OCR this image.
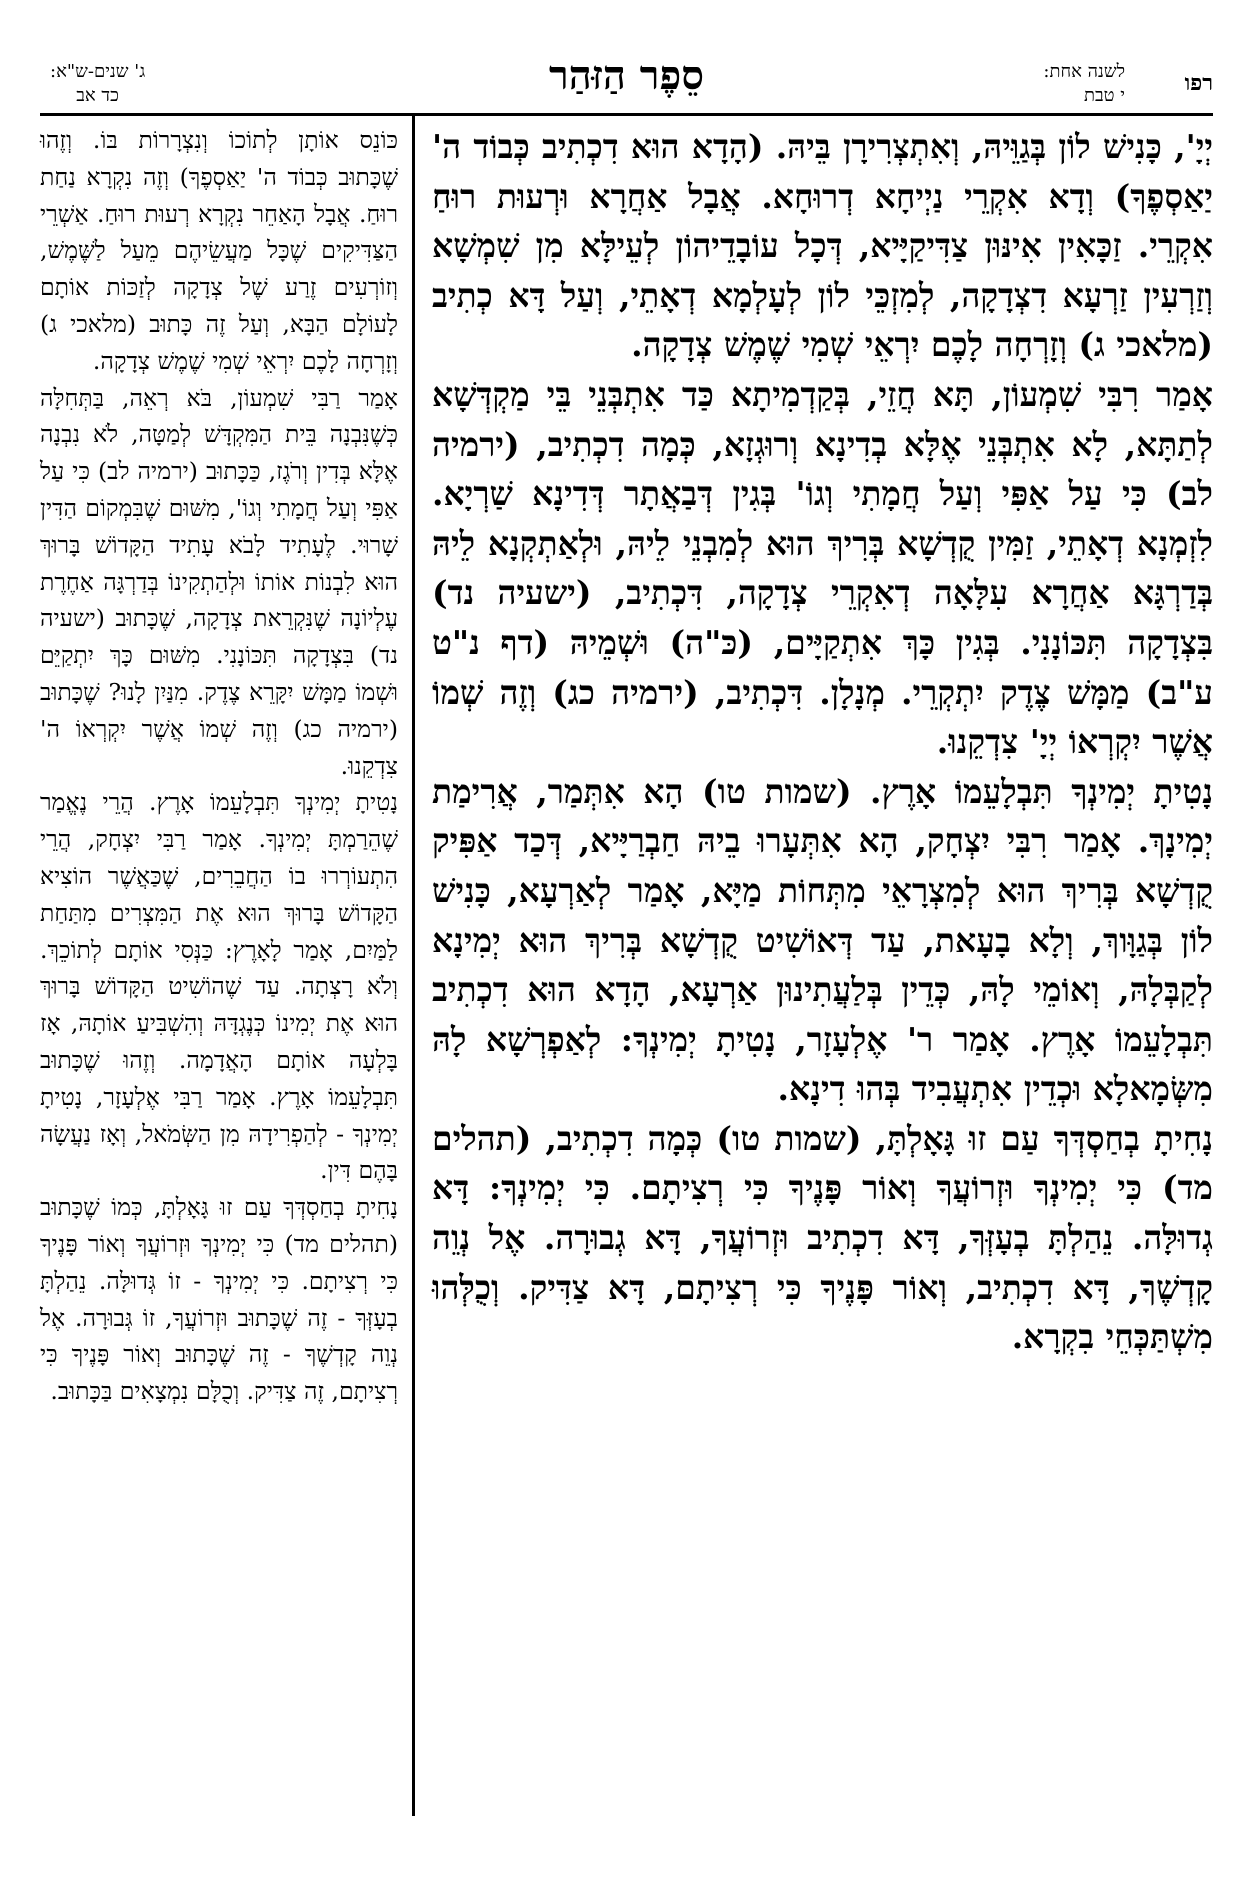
רפו
לשנה אחת:
י טבת
סֵפֶר הַזּהַר
ג' שנים-ש"א:
כד אב

יְיָ', כָּנִישׁ לוֹן בְּגַוֵּיהּ, וְאִתְצְרִירָן בֵּיהּ. (הָדָא הוּא דִכְתִיב כְּבוֹד ה' יַאַסְפֶךָ) וְדָא אִקְרֵי נַיְיחָא דְרוּחָא. אֲבָל אַחֲרָא וּרְעוּת רוּחַ אִקְרֵי. זַכָּאִין אִינּוּן צַדִּיקַיָּיא, דְּכָל עוֹבָדֵיהוֹן לְעֵילָּא מִן שִׁמְשָׁא וְזַרְעִין זַרְעָא דִצְדָקָה, לְמִזְכֵּי לוֹן לְעָלְמָא דְאָתֵי, וְעַל דָּא כְתִיב (מלאכי ג) וְזָרְחָה לָכֶם יִרְאֵי שְׁמִי שֶׁמֶשׁ צְדָקָה.

אָמַר רִבִּי שִׁמְעוֹן, תָּא חֲזֵי, בְּקַדְמִיתָא כַּד אִתְבְּנֵי בֵּי מַקְדְּשָׁא לְתַתָּא, לָא אִתְבְּנֵי אֶלָּא בְדִינָא וְרוּגְזָא, כְּמָה דִכְתִיב, (ירמיה לב) כִּי עַל אַפִּי וְעַל חֲמָתִי וְגוֹ' בְּגִין דְּבַאֲתָר דְּדִינָא שַׁרְיָא. לִזְמְנָא דְאָתֵי, זַמִּין קֻדְשָׁא בְּרִיךְ הוּא לְמִבְנֵי לֵיהּ, וּלְאַתְקְנָא לֵיהּ בְּדַרְגָּא אַחֲרָא עִלָּאָה דְאִקְרֵי צְדָקָה, דִּכְתִיב, (ישעיה נד) בִּצְדָקָה תִּכּוֹנָנִי. בְּגִין כָּךְ אִתְקַיָּים, (כּ"ה) וּשְׁמֵיהּ (דף נ"ט ע"ב) מַמָּשׁ צֶדֶק יִתְקְרֵי. מְנָלָן. דִּכְתִיב, (ירמיה כג) וְזֶה שְׁמוֹ אֲשֶׁר יִקְרְאוֹ יְיָ' צִדְקֵנוּ.

נָטִיתָ יְמִינְךָ תִּבְלָעֵמוֹ אָרֶץ. (שמות טו) הָא אִתְּמַר, אֲרִימַת יְמִינָךְ. אָמַר רִבִּי יִצְחָק, הָא אִתְּעָרוּ בֵיהּ חַבְרַיָּיא, דְּכַד אַפִּיק קֻדְשָׁא בְּרִיךְ הוּא לְמִצְרָאֵי מִתְּחוֹת מַיָּא, אָמַר לְאַרְעָא, כָּנִישׁ לוֹן בְּגַוָּוךְ, וְלָא בָעָאת, עַד דְּאוֹשִׁיט קֻדְשָׁא בְּרִיךְ הוּא יְמִינָא לְקַבְּלָהּ, וְאוֹמֵי לָהּ, כְּדֵין בְּלַעֲתִינוּן אַרְעָא, הָדָא הוּא דִכְתִיב תִּבְלָעֵמוֹ אָרֶץ. אָמַר ר' אֶלְעָזָר, נָטִיתָ יְמִינְךָ: לְאַפְרְשָׁא לָהּ מִשְּׂמָאלָא וּכְדֵין אִתְעֲבִיד בְּהוּ דִינָא.

נָחִיתָ בְחַסְדְּךָ עַם זוּ גָּאָלְתָּ, (שמות טו) כְּמָה דִכְתִיב, (תהלים מד) כִּי יְמִינְךָ וּזְרוֹעֲךָ וְאוֹר פָּנֶיךָ כִּי רְצִיתָם. כִּי יְמִינְךָ: דָּא גְדוּלָּה. נֵהַלְתָּ בְעָזְּךָ, דָּא דִכְתִיב וּזְרוֹעֲךָ, דָּא גְבוּרָה. אֶל נְוֵה קָדְשֶׁךָ, דָּא דִכְתִיב, וְאוֹר פָּנֶיךָ כִּי רְצִיתָם, דָּא צַדִּיק. וְכֻלְּהוּ מִשְׁתַּכְּחֵי בִקְרָא.

כּוֹנֵס אוֹתָן לְתוֹכוֹ וְנִצְרָרוֹת בּוֹ. וְזֶהוּ שֶׁכָּתוּב כְּבוֹד ה' יַאַסְפֶךָ) וְזֶה נִקְרָא נַחַת רוּחַ. אֲבָל הָאַחֵר נִקְרָא רְעוּת רוּחַ. אַשְׁרֵי הַצַּדִּיקִים שֶׁכָּל מַעֲשֵׂיהֶם מֵעַל לַשֶּׁמֶשׁ, וְזוֹרְעִים זֶרַע שֶׁל צְדָקָה לְזַכּוֹת אוֹתָם לָעוֹלָם הַבָּא, וְעַל זֶה כָּתוּב (מלאכי ג) וְזָרְחָה לָכֶם יִרְאֵי שְׁמִי שֶׁמֶשׁ צְדָקָה.

אָמַר רַבִּי שִׁמְעוֹן, בֹּא רְאֵה, בַּתְּחִלָּה כְּשֶׁנִּבְנָה בֵּית הַמִּקְדָּשׁ לְמַטָּה, לֹא נִבְנָה אֶלָּא בְּדִין וְרֹגֶז, כַּכָּתוּב (ירמיה לב) כִּי עַל אַפִּי וְעַל חֲמָתִי וְגוֹ', מִשּׁוּם שֶׁבִּמְקוֹם הַדִּין שָׁרוּי. לֶעָתִיד לָבֹא עָתִיד הַקָּדוֹשׁ בָּרוּךְ הוּא לִבְנוֹת אוֹתוֹ וּלְהַתְקִינוֹ בְּדַרְגָּה אַחֶרֶת עֶלְיוֹנָה שֶׁנִּקְרֵאת צְדָקָה, שֶׁכָּתוּב (ישעיה נד) בִּצְדָקָה תִּכּוֹנָנִי. מִשּׁוּם כָּךְ יִתְקַיֵּם וּשְׁמוֹ מַמָּשׁ יִקָּרֵא צֶדֶק. מִנַּיִן לָנוּ? שֶׁכָּתוּב (ירמיה כג) וְזֶה שְׁמוֹ אֲשֶׁר יִקְרְאוֹ ה' צִדְקֵנוּ.

נָטִיתָ יְמִינְךָ תִּבְלָעֵמוֹ אָרֶץ. הֲרֵי נֶאֱמַר שֶׁהֵרַמְתָּ יְמִינְךָ. אָמַר רַבִּי יִצְחָק, הֲרֵי הִתְעוֹרְרוּ בוֹ הַחֲבֵרִים, שֶׁכַּאֲשֶׁר הוֹצִיא הַקָּדוֹשׁ בָּרוּךְ הוּא אֶת הַמִּצְרִים מִתַּחַת לַמַּיִם, אָמַר לָאָרֶץ: כַּנְּסִי אוֹתָם לְתוֹכֵךְ. וְלֹא רָצְתָה. עַד שֶׁהוֹשִׁיט הַקָּדוֹשׁ בָּרוּךְ הוּא אֶת יְמִינוֹ כְּנֶגְדָּהּ וְהִשְׁבִּיעַ אוֹתָהּ, אָז בָּלְעָה אוֹתָם הָאֲדָמָה. וְזֶהוּ שֶׁכָּתוּב תִּבְלָעֵמוֹ אָרֶץ. אָמַר רַבִּי אֶלְעָזָר, נָטִיתָ יְמִינְךָ - לְהַפְרִידָהּ מִן הַשְּׂמֹאל, וְאָז נַעֲשָׂה בָּהֶם דִּין.

נָחִיתָ בְחַסְדְּךָ עַם זוּ גָּאָלְתָּ, כְּמוֹ שֶׁכָּתוּב (תהלים מד) כִּי יְמִינְךָ וּזְרוֹעֲךָ וְאוֹר פָּנֶיךָ כִּי רְצִיתָם. כִּי יְמִינְךָ - זוֹ גְּדוּלָּה. נֵהַלְתָּ בְעָזְּךָ - זֶה שֶׁכָּתוּב וּזְרוֹעֲךָ, זוֹ גְּבוּרָה. אֶל נְוֵה קָדְשֶׁךָ - זֶה שֶׁכָּתוּב וְאוֹר פָּנֶיךָ כִּי רְצִיתָם, זֶה צַדִּיק. וְכֻלָּם נִמְצָאִים בַּכָּתוּב.
